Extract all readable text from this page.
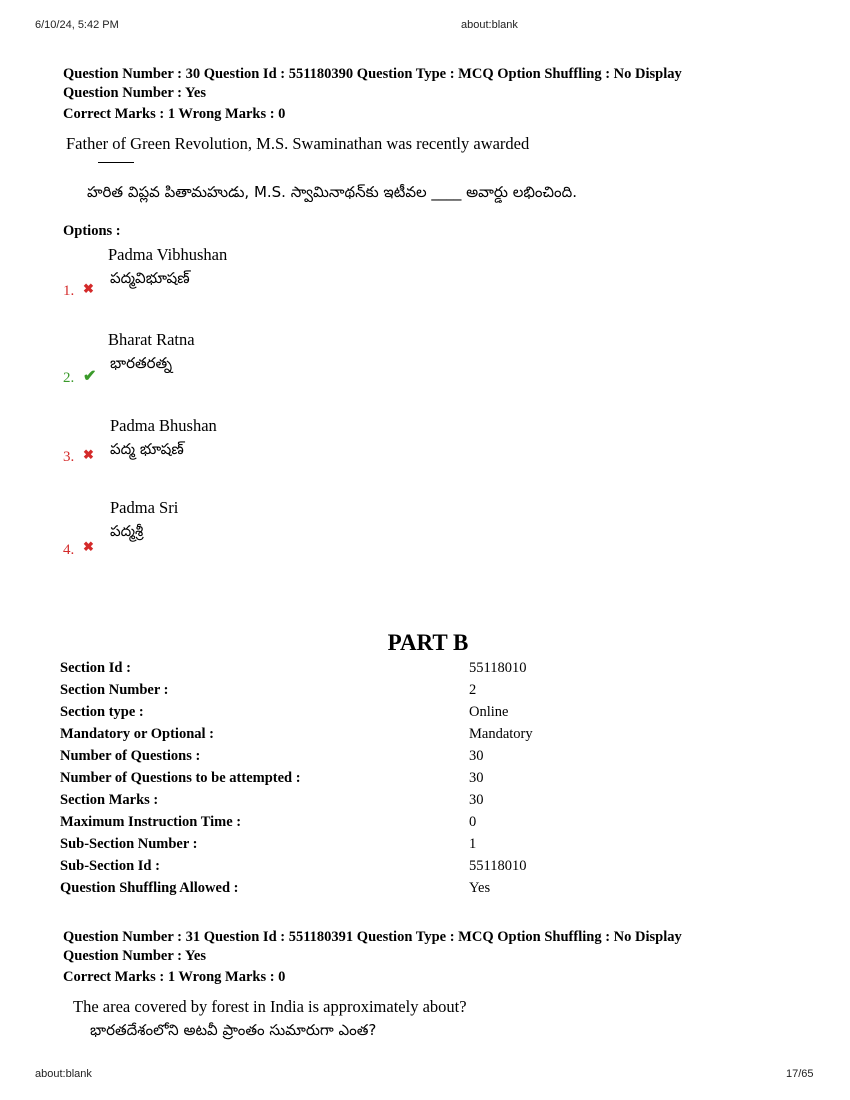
6/10/24, 5:42 PM	about:blank
Question Number : 30 Question Id : 551180390 Question Type : MCQ Option Shuffling : No Display
Question Number : Yes
Correct Marks : 1 Wrong Marks : 0
Father of Green Revolution, M.S. Swaminathan was recently awarded
హరిత విప్లవ పితామహుడు, M.S. స్వామినాథన్‌కు ఇటీవల ____ అవార్డు లభించింది.
Options :
1. ✖
Padma Vibhushan
పద్మవిభూషణ్
2. ✔
Bharat Ratna
భారతరత్న
3. ✖
Padma Bhushan
పద్మ భూషణ్
4. ✖
Padma Sri
పద్మశ్రీ
PART B
Section Id :	55118010
Section Number :	2
Section type :	Online
Mandatory or Optional :	Mandatory
Number of Questions :	30
Number of Questions to be attempted :	30
Section Marks :	30
Maximum Instruction Time :	0
Sub-Section Number :	1
Sub-Section Id :	55118010
Question Shuffling Allowed :	Yes
Question Number : 31 Question Id : 551180391 Question Type : MCQ Option Shuffling : No Display
Question Number : Yes
Correct Marks : 1 Wrong Marks : 0
The area covered by forest in India is approximately about?
భారతదేశంలోని అటవీ ప్రాంతం సుమారుగా ఎంత?
about:blank	17/65
